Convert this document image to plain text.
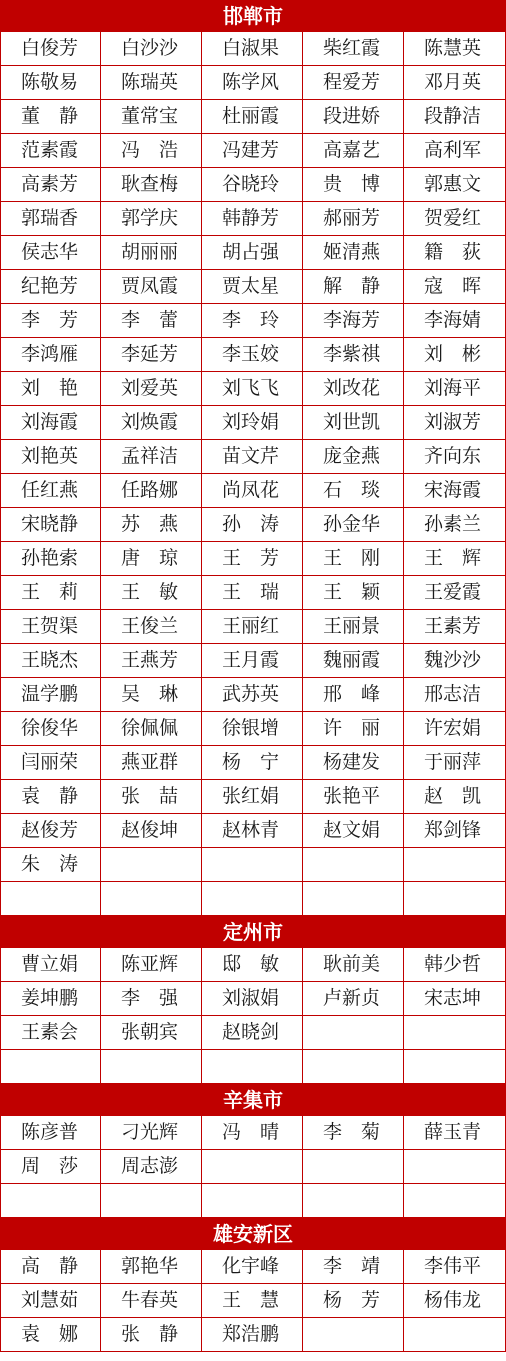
邯郸市
白俊芳	白沙沙	白淑果	柴红霞	陈慧英
陈敬易	陈瑞英	陈学风	程爱芳	邓月英
董　静	董常宝	杜丽霞	段进娇	段静洁
范素霞	冯　浩	冯建芳	高嘉艺	高利军
高素芳	耿查梅	谷晓玲	贵　博	郭惠文
郭瑞香	郭学庆	韩静芳	郝丽芳	贺爱红
侯志华	胡丽丽	胡占强	姬清燕	籍　荻
纪艳芳	贾凤霞	贾太星	解　静	寇　晖
李　芳	李　蕾	李　玲	李海芳	李海婧
李鸿雁	李延芳	李玉姣	李紫祺	刘　彬
刘　艳	刘爱英	刘飞飞	刘改花	刘海平
刘海霞	刘焕霞	刘玲娟	刘世凯	刘淑芳
刘艳英	孟祥洁	苗文芹	庞金燕	齐向东
任红燕	任路娜	尚凤花	石　琰	宋海霞
宋晓静	苏　燕	孙　涛	孙金华	孙素兰
孙艳索	唐　琼	王　芳	王　刚	王　辉
王　莉	王　敏	王　瑞	王　颖	王爱霞
王贺渠	王俊兰	王丽红	王丽景	王素芳
王晓杰	王燕芳	王月霞	魏丽霞	魏沙沙
温学鹏	吴　琳	武苏英	邢　峰	邢志洁
徐俊华	徐佩佩	徐银增	许　丽	许宏娟
闫丽荣	燕亚群	杨　宁	杨建发	于丽萍
袁　静	张　喆	张红娟	张艳平	赵　凯
赵俊芳	赵俊坤	赵林青	赵文娟	郑剑锋
朱　涛
定州市
曹立娟	陈亚辉	邸　敏	耿前美	韩少哲
姜坤鹏	李　强	刘淑娟	卢新贞	宋志坤
王素会	张朝宾	赵晓剑
辛集市
陈彦普	刁光辉	冯　晴	李　菊	薛玉青
周　莎	周志澎
雄安新区
高　静	郭艳华	化宇峰	李　靖	李伟平
刘慧茹	牛春英	王　慧	杨　芳	杨伟龙
袁　娜	张　静	郑浩鹏
